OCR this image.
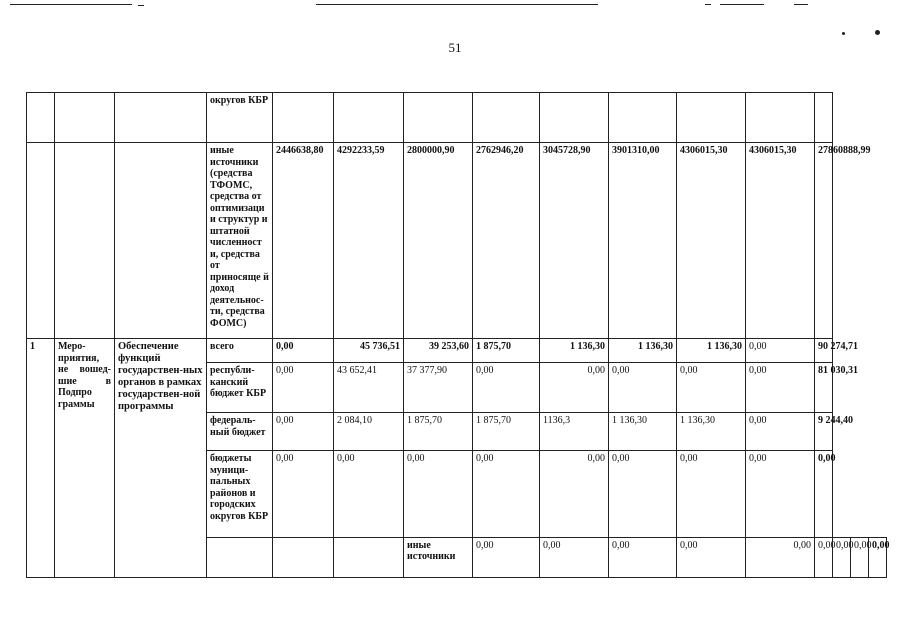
51
			округов КБР												
			иные источники (средства ТФОМС, средства от оптимизаци и структур и штатной численност и, средства от приносяще й доход деятельнос-ти, средства ФОМС)	2446638,80	4292233,59	2800000,90	2762946,20	3045728,90	3901310,00	4306015,30	4306015,30	27860888,99			
1	Меро-приятия, не вошед-шие в Подпро граммы	Обеспечение функций государствен-ных органов в рамках государствен-ной программы	всего	0,00	45 736,51	39 253,60	1 875,70	1 136,30	1 136,30	1 136,30	0,00	90 274,71			
			республи-канский бюджет КБР	0,00	43 652,41	37 377,90	0,00	0,00	0,00	0,00	0,00	81 030,31			
			федераль-ный бюджет	0,00	2 084,10	1 875,70	1 875,70	1136,3	1 136,30	1 136,30	0,00	9 244,40			
			бюджеты муници-пальных районов и городских округов КБР	0,00	0,00	0,00	0,00	0,00	0,00	0,00	0,00	0,00			
						иные источники	0,00	0,00	0,00	0,00	0,00	0,00	0,00	0,00	0,00
